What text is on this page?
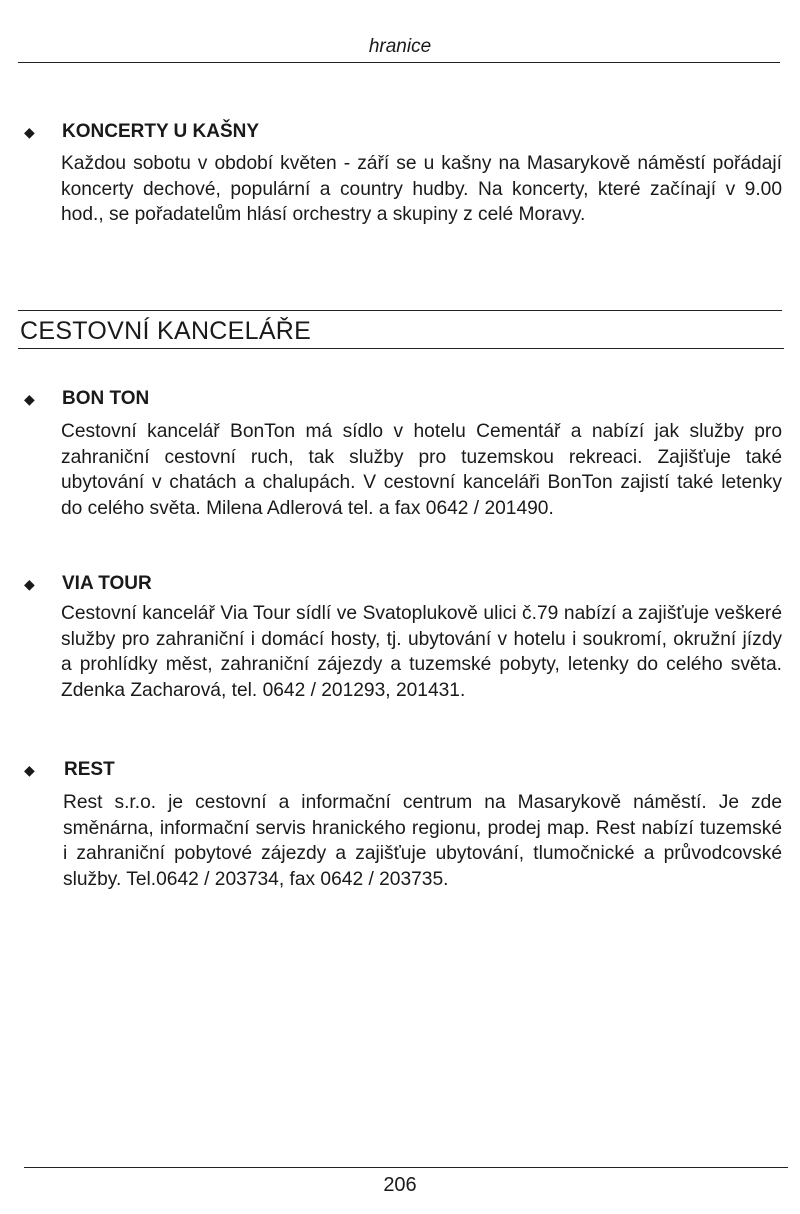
hranice
◆ KONCERTY U KAŠNY
Každou sobotu v období květen - září se u kašny na Masarykově náměstí pořádají koncerty dechové, populární a country hudby. Na koncerty, které začínají v 9.00 hod., se pořadatelům hlásí orchestry a skupiny z celé Moravy.
CESTOVNÍ KANCELÁŘE
◆ BON TON
Cestovní kancelář BonTon má sídlo v hotelu Cementář a nabízí jak služby pro zahraniční cestovní ruch, tak služby pro tuzemskou rekreaci. Zajišťuje také ubytování v chatách a chalupách. V cestovní kanceláři BonTon zajistí také letenky do celého světa. Milena Adlerová tel. a fax 0642 / 201490.
◆ VIA TOUR
Cestovní kancelář Via Tour sídlí ve Svatoplukově ulici č.79 nabízí a zajišťuje veškeré služby pro zahraniční i domácí hosty, tj. ubytování v hotelu i soukromí, okružní jízdy a prohlídky měst, zahraniční zájezdy a tuzemské pobyty, letenky do celého světa. Zdenka Zacharová, tel. 0642 / 201293, 201431.
◆ REST
Rest s.r.o. je cestovní a informační centrum na Masarykově náměstí. Je zde směnárna, informační servis hranického regionu, prodej map. Rest nabízí tuzemské i zahraniční pobytové zájezdy a zajišťuje ubytování, tlumočnické a průvodcovské služby. Tel.0642 / 203734, fax 0642 / 203735.
206
